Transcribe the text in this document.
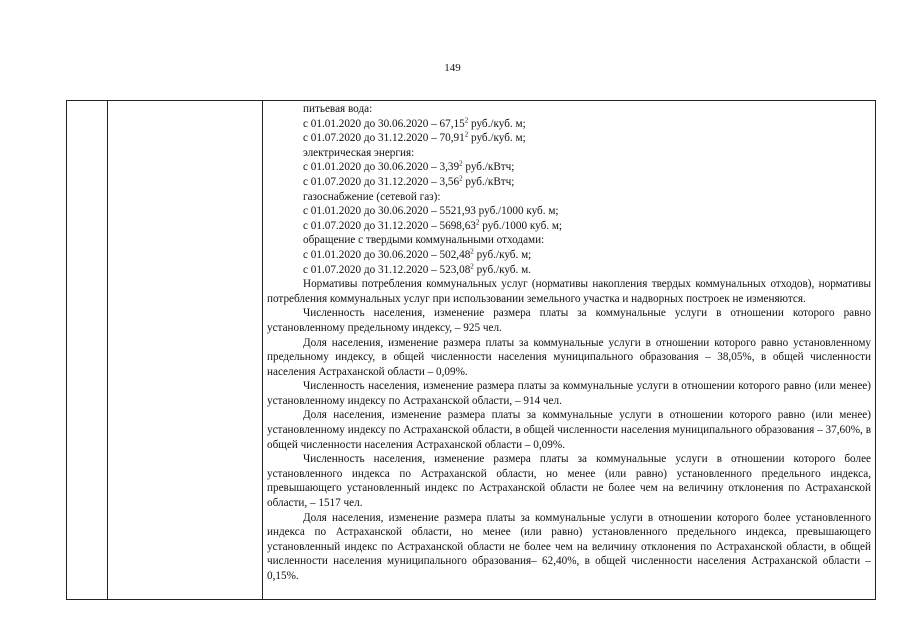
149
питьевая вода:
с 01.01.2020 до 30.06.2020 – 67,15$^2$ руб./куб. м;
с 01.07.2020 до 31.12.2020 – 70,91$^2$ руб./куб. м;
электрическая энергия:
с 01.01.2020 до 30.06.2020 – 3,39$^2$ руб./кВтч;
с 01.07.2020 до 31.12.2020 – 3,56$^2$ руб./кВтч;
газоснабжение (сетевой газ):
с 01.01.2020 до 30.06.2020 – 5521,93 руб./1000 куб. м;
с 01.07.2020 до 31.12.2020 – 5698,63$^2$ руб./1000 куб. м;
обращение с твердыми коммунальными отходами:
с 01.01.2020 до 30.06.2020 – 502,48$^2$ руб./куб. м;
с 01.07.2020 до 31.12.2020 – 523,08$^2$ руб./куб. м.

Нормативы потребления коммунальных услуг (нормативы накопления твердых коммунальных отходов), нормативы потребления коммунальных услуг при использовании земельного участка и надворных построек не изменяются.

Численность населения, изменение размера платы за коммунальные услуги в отношении которого равно установленному предельному индексу, – 925 чел.

Доля населения, изменение размера платы за коммунальные услуги в отношении которого равно установленному предельному индексу, в общей численности населения муниципального образования – 38,05%, в общей численности населения Астраханской области – 0,09%.

Численность населения, изменение размера платы за коммунальные услуги в отношении которого равно (или менее) установленному индексу по Астраханской области, – 914 чел.

Доля населения, изменение размера платы за коммунальные услуги в отношении которого равно (или менее) установленному индексу по Астраханской области, в общей численности населения муниципального образования – 37,60%, в общей численности населения Астраханской области – 0,09%.

Численность населения, изменение размера платы за коммунальные услуги в отношении которого более установленного индекса по Астраханской области, но менее (или равно) установленного предельного индекса, превышающего установленный индекс по Астраханской области не более чем на величину отклонения по Астраханской области, – 1517 чел.

Доля населения, изменение размера платы за коммунальные услуги в отношении которого более установленного индекса по Астраханской области, но менее (или равно) установленного предельного индекса, превышающего установленный индекс по Астраханской области не более чем на величину отклонения по Астраханской области, в общей численности населения муниципального образования– 62,40%, в общей численности населения Астраханской области – 0,15%.
